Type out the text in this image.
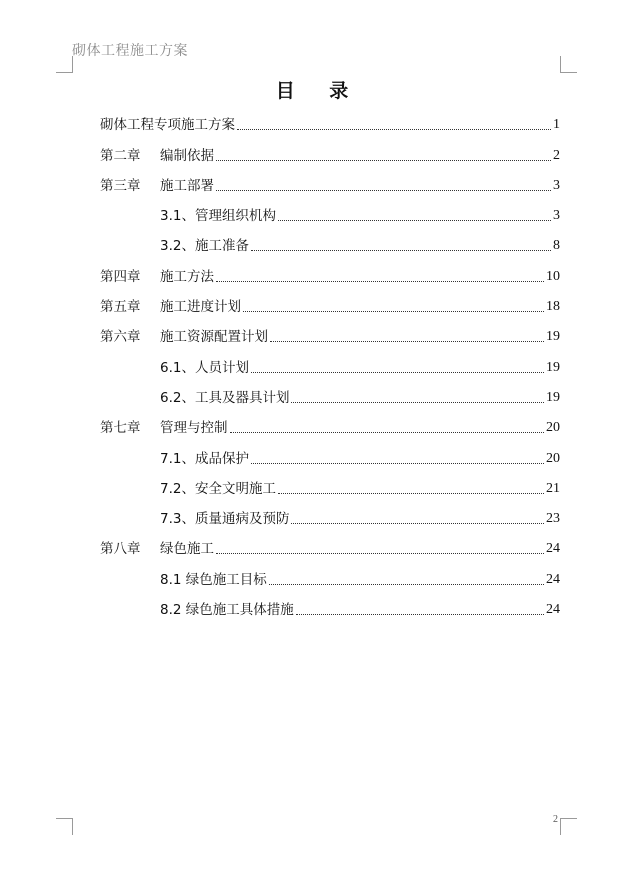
砌体工程施工方案
目 录
砌体工程专项施工方案	1
第二章 编制依据	2
第三章 施工部署	3
3.1、管理组织机构	3
3.2、施工准备	8
第四章 施工方法	10
第五章 施工进度计划	18
第六章 施工资源配置计划	19
6.1、人员计划	19
6.2、工具及器具计划	19
第七章 管理与控制	20
7.1、成品保护	20
7.2、安全文明施工	21
7.3、质量通病及预防	23
第八章 绿色施工	24
8.1 绿色施工目标	24
8.2 绿色施工具体措施	24
2
